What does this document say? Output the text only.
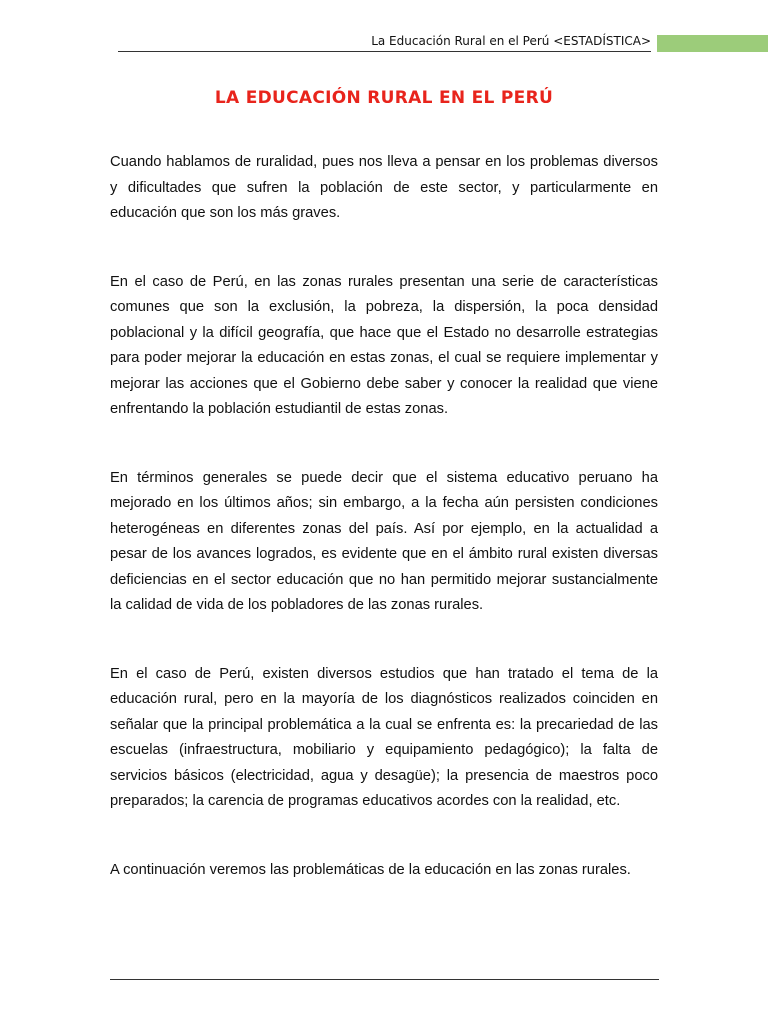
La Educación Rural en el Perú <ESTADÍSTICA>
LA EDUCACIÓN RURAL EN EL PERÚ

Cuando hablamos de ruralidad, pues nos lleva a pensar en los problemas diversos y dificultades que sufren la población de este sector, y particularmente en educación que son los más graves.

En el caso de Perú, en las zonas rurales presentan una serie de características comunes que son la exclusión, la pobreza, la dispersión, la poca densidad poblacional y la difícil geografía, que hace que el Estado no desarrolle estrategias para poder mejorar la educación en estas zonas, el cual se requiere implementar y mejorar las acciones que el Gobierno debe saber y conocer la realidad que viene enfrentando la población estudiantil de estas zonas.

En términos generales se puede decir que el sistema educativo peruano ha mejorado en los últimos años; sin embargo, a la fecha aún persisten condiciones heterogéneas en diferentes zonas del país. Así por ejemplo, en la actualidad a pesar de los avances logrados, es evidente que en el ámbito rural existen diversas deficiencias en el sector educación que no han permitido mejorar sustancialmente la calidad de vida de los pobladores de las zonas rurales.

En el caso de Perú, existen diversos estudios que han tratado el tema de la educación rural, pero en la mayoría de los diagnósticos realizados coinciden en señalar que la principal problemática a la cual se enfrenta es: la precariedad de las escuelas (infraestructura, mobiliario y equipamiento pedagógico); la falta de servicios básicos (electricidad, agua y desagüe); la presencia de maestros poco preparados; la carencia de programas educativos acordes con la realidad, etc.

A continuación veremos las problemáticas de la educación en las zonas rurales.
